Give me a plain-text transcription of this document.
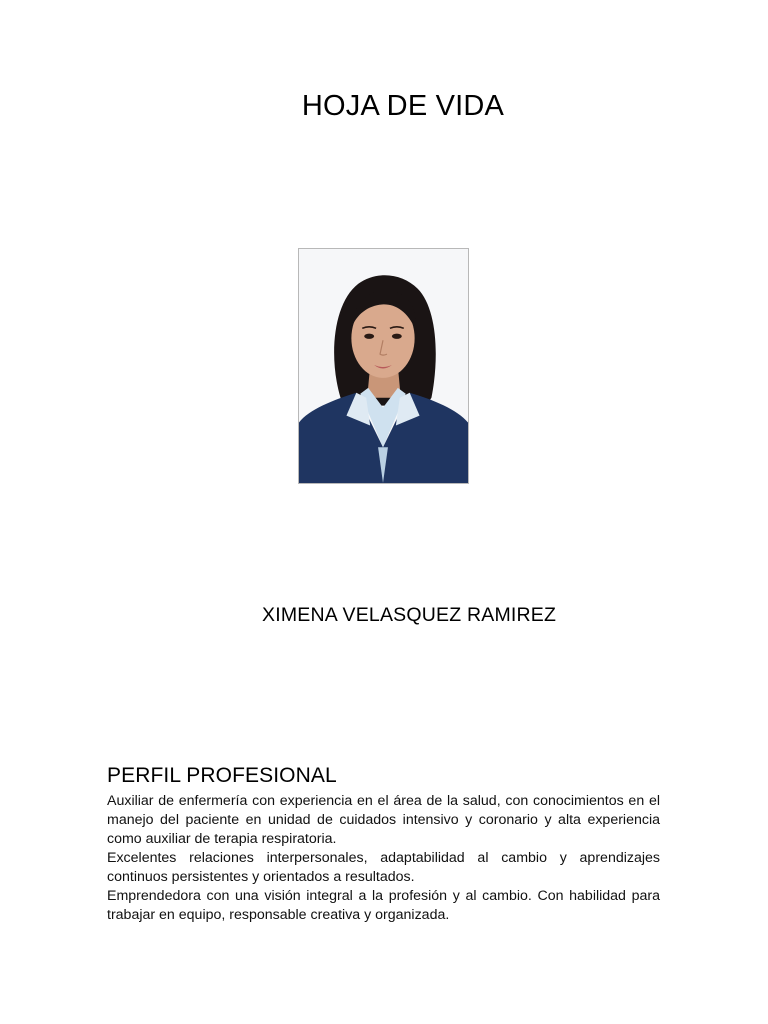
HOJA DE VIDA
XIMENA VELASQUEZ RAMIREZ
PERFIL PROFESIONAL

Auxiliar de enfermería con experiencia en el área de la salud, con conocimientos en el manejo del paciente en unidad de cuidados intensivo y coronario y alta experiencia como auxiliar de terapia respiratoria.

Excelentes relaciones interpersonales, adaptabilidad al cambio y aprendizajes continuos persistentes y orientados a resultados.

Emprendedora con una visión integral a la profesión y al cambio. Con habilidad para trabajar en equipo, responsable creativa y organizada.
